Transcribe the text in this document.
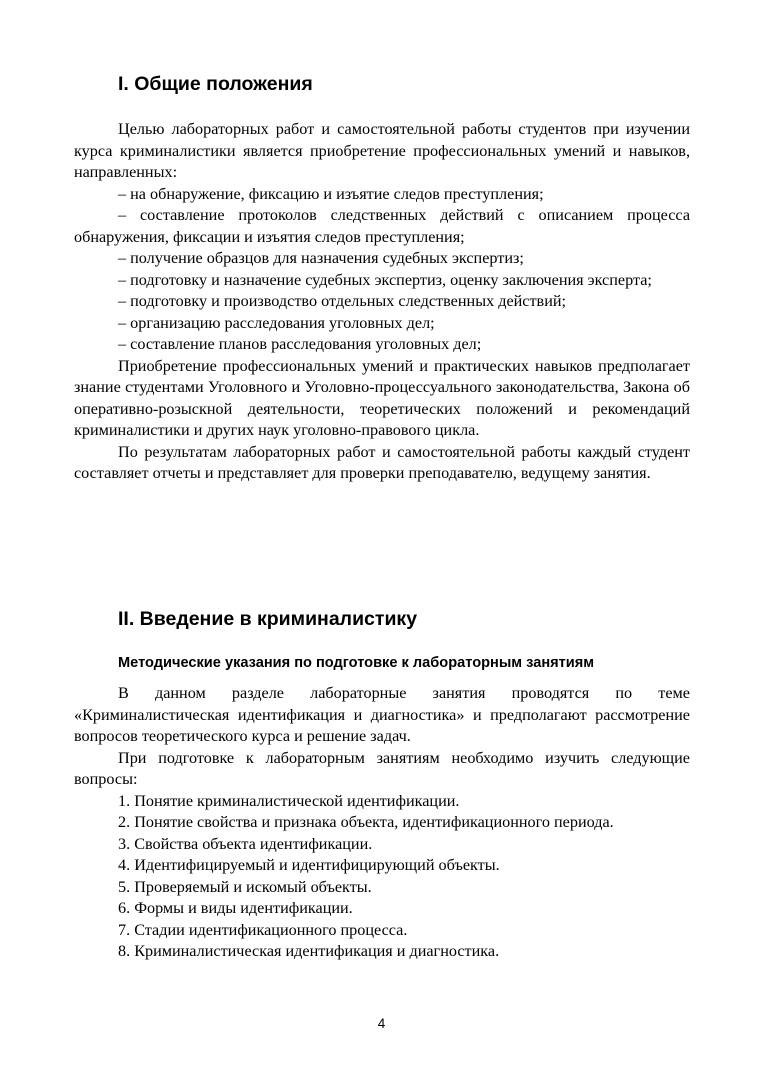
I. Общие положения

Целью лабораторных работ и самостоятельной работы студентов при изучении курса криминалистики является приобретение профессиональных умений и навыков, направленных:

– на обнаружение, фиксацию и изъятие следов преступления;

– составление протоколов следственных действий с описанием процесса обнаружения, фиксации и изъятия следов преступления;

– получение образцов для назначения судебных экспертиз;

– подготовку и назначение судебных экспертиз, оценку заключения эксперта;

– подготовку и производство отдельных следственных действий;

– организацию расследования уголовных дел;

– составление планов расследования уголовных дел;

Приобретение профессиональных умений и практических навыков предполагает знание студентами Уголовного и Уголовно-процессуального законодательства, Закона об оперативно-розыскной деятельности, теоретических положений и рекомендаций криминалистики и других наук уголовно-правового цикла.

По результатам лабораторных работ и самостоятельной работы каждый студент составляет отчеты и представляет для проверки преподавателю, ведущему занятия.

II. Введение в криминалистику
Методические указания по подготовке к лабораторным занятиям

В данном разделе лабораторные занятия проводятся по теме «Криминалистическая идентификация и диагностика» и предполагают рассмотрение вопросов теоретического курса и решение задач.

При подготовке к лабораторным занятиям необходимо изучить следующие вопросы:

1. Понятие криминалистической идентификации.

2. Понятие свойства и признака объекта, идентификационного периода.

3. Свойства объекта идентификации.

4. Идентифицируемый и идентифицирующий объекты.

5. Проверяемый и искомый объекты.

6. Формы и виды идентификации.

7. Стадии идентификационного процесса.

8. Криминалистическая идентификация и диагностика.

4
